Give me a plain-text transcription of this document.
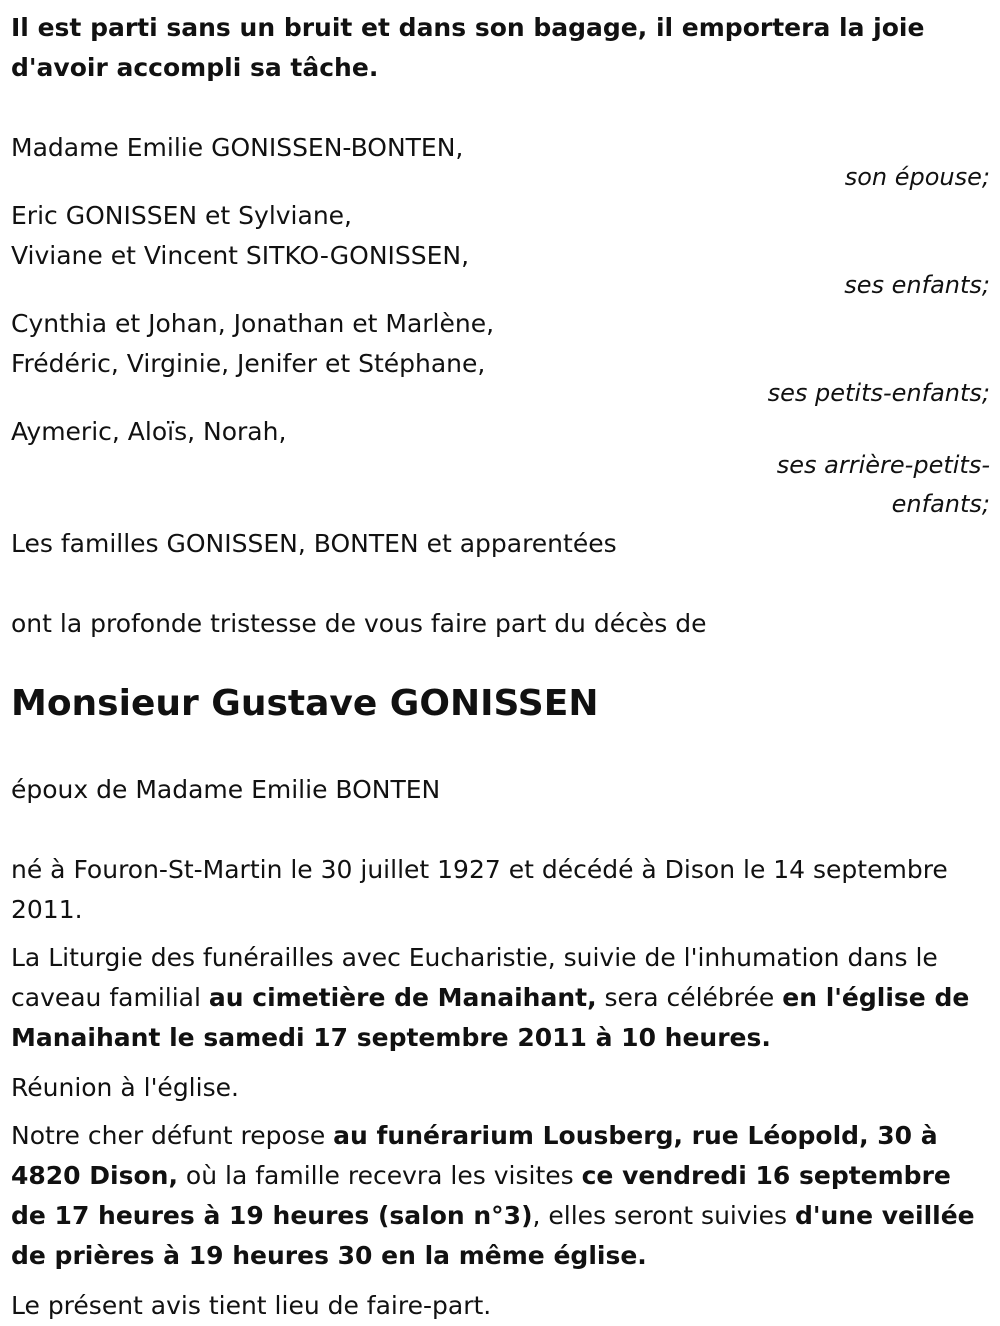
Il est parti sans un bruit et dans son bagage, il emportera la joie
d'avoir accompli sa tâche.

Madame Emilie GONISSEN-BONTEN,
son épouse;
Eric GONISSEN et Sylviane,
Viviane et Vincent SITKO-GONISSEN,
ses enfants;
Cynthia et Johan, Jonathan et Marlène,
Frédéric, Virginie, Jenifer et Stéphane,
ses petits-enfants;
Aymeric, Aloïs, Norah,
ses arrière-petits-enfants;

Les familles GONISSEN, BONTEN et apparentées

ont la profonde tristesse de vous faire part du décès de

Monsieur Gustave GONISSEN

époux de Madame Emilie BONTEN

né à Fouron-St-Martin le 30 juillet 1927 et décédé à Dison le 14 septembre 2011.

La Liturgie des funérailles avec Eucharistie, suivie de l'inhumation dans le caveau familial au cimetière de Manaihant, sera célébrée en l'église de Manaihant le samedi 17 septembre 2011 à 10 heures.

Réunion à l'église.

Notre cher défunt repose au funérarium Lousberg, rue Léopold, 30 à 4820 Dison, où la famille recevra les visites ce vendredi 16 septembre de 17 heures à 19 heures (salon n°3), elles seront suivies d'une veillée de prières à 19 heures 30 en la même église.

Le présent avis tient lieu de faire-part.
